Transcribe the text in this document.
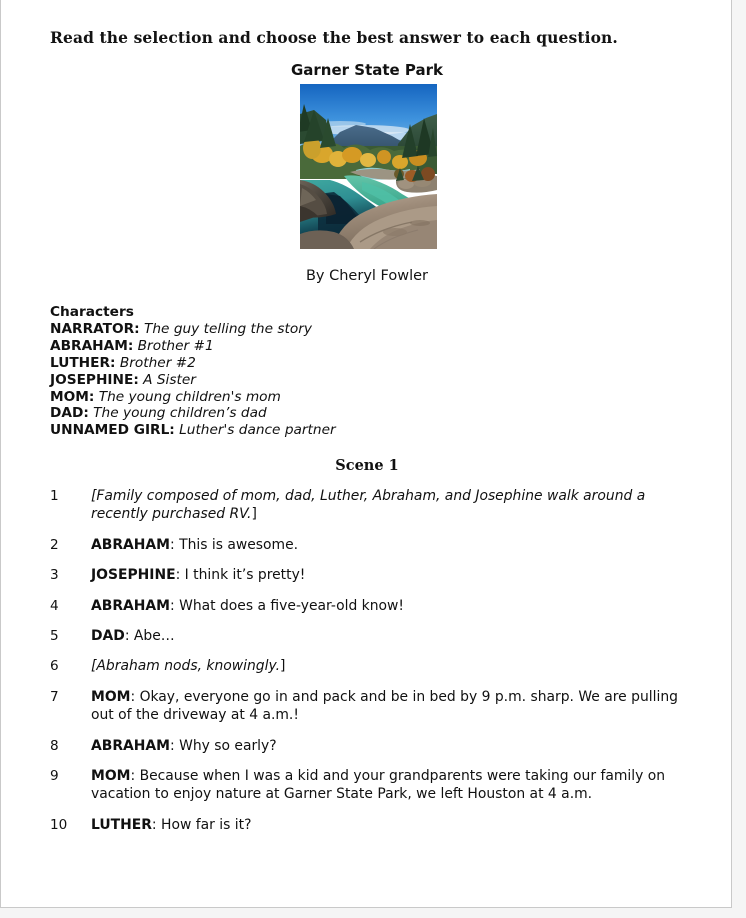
Read the selection and choose the best answer to each question.
Garner State Park
By Cheryl Fowler
Characters
NARRATOR: The guy telling the story
ABRAHAM: Brother #1
LUTHER: Brother #2
JOSEPHINE: A Sister
MOM: The young children's mom
DAD: The young children’s dad
UNNAMED GIRL: Luther's dance partner
Scene 1
1	[Family composed of mom, dad, Luther, Abraham, and Josephine walk around a recently purchased RV.]
2	ABRAHAM: This is awesome.
3	JOSEPHINE: I think it’s pretty!
4	ABRAHAM: What does a five-year-old know!
5	DAD: Abe…
6	[Abraham nods, knowingly.]
7	MOM: Okay, everyone go in and pack and be in bed by 9 p.m. sharp. We are pulling out of the driveway at 4 a.m.!
8	ABRAHAM: Why so early?
9	MOM: Because when I was a kid and your grandparents were taking our family on vacation to enjoy nature at Garner State Park, we left Houston at 4 a.m.
10	LUTHER: How far is it?
